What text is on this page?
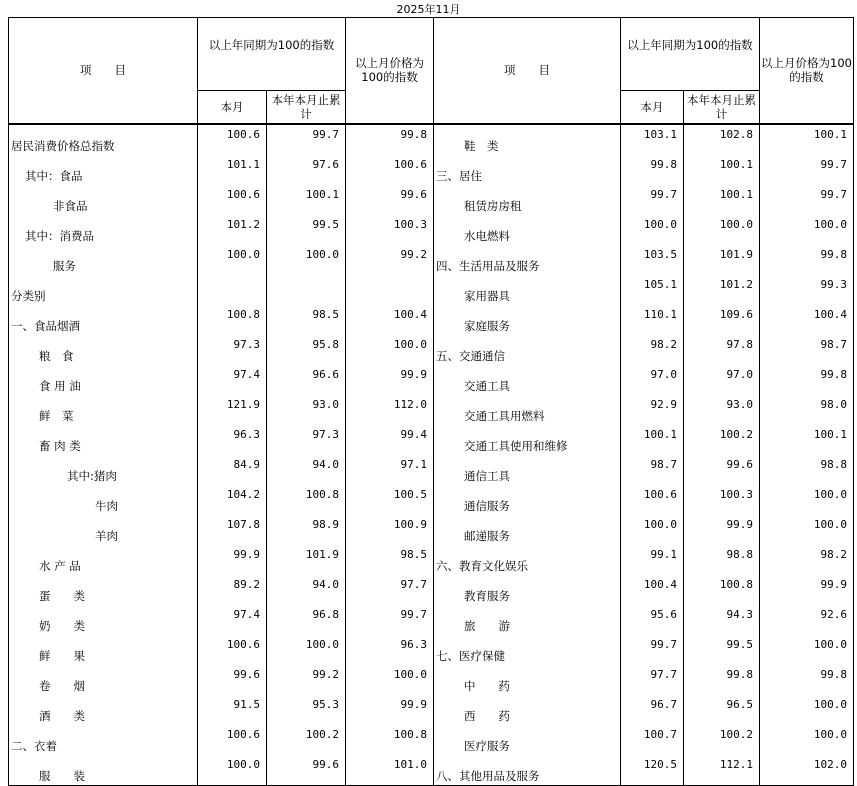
2025年11月
项　　目	以上年同期为100的指数		以上月价格为100的指数	项　　目	以上年同期为100的指数		以上月价格为100的指数
	本月	本年本月止累计			本月	本年本月止累计	
居民消费价格总指数	100.6	99.7	99.8	鞋　类	103.1	102.8	100.1
其中：食品	101.1	97.6	100.6	三、居住	99.8	100.1	99.7
非食品	100.6	100.1	99.6	租赁房房租	99.7	100.1	99.7
其中：消费品	101.2	99.5	100.3	水电燃料	100.0	100.0	100.0
服务	100.0	100.0	99.2	四、生活用品及服务	103.5	101.9	99.8
分类别				家用器具	105.1	101.2	99.3
一、食品烟酒	100.8	98.5	100.4	家庭服务	110.1	109.6	100.4
粮　食	97.3	95.8	100.0	五、交通通信	98.2	97.8	98.7
食 用 油	97.4	96.6	99.9	交通工具	97.0	97.0	99.8
鲜　菜	121.9	93.0	112.0	交通工具用燃料	92.9	93.0	98.0
畜 肉 类	96.3	97.3	99.4	交通工具使用和维修	100.1	100.2	100.1
其中:猪肉	84.9	94.0	97.1	通信工具	98.7	99.6	98.8
牛肉	104.2	100.8	100.5	通信服务	100.6	100.3	100.0
羊肉	107.8	98.9	100.9	邮递服务	100.0	99.9	100.0
水 产 品	99.9	101.9	98.5	六、教育文化娱乐	99.1	98.8	98.2
蛋　　类	89.2	94.0	97.7	教育服务	100.4	100.8	99.9
奶　　类	97.4	96.8	99.7	旅　　游	95.6	94.3	92.6
鲜　　果	100.6	100.0	96.3	七、医疗保健	99.7	99.5	100.0
卷　　烟	99.6	99.2	100.0	中　　药	97.7	99.8	99.8
酒　　类	91.5	95.3	99.9	西　　药	96.7	96.5	100.0
二、衣着	100.6	100.2	100.8	医疗服务	100.7	100.2	100.0
服　　装	100.0	99.6	101.0	八、其他用品及服务	120.5	112.1	102.0
